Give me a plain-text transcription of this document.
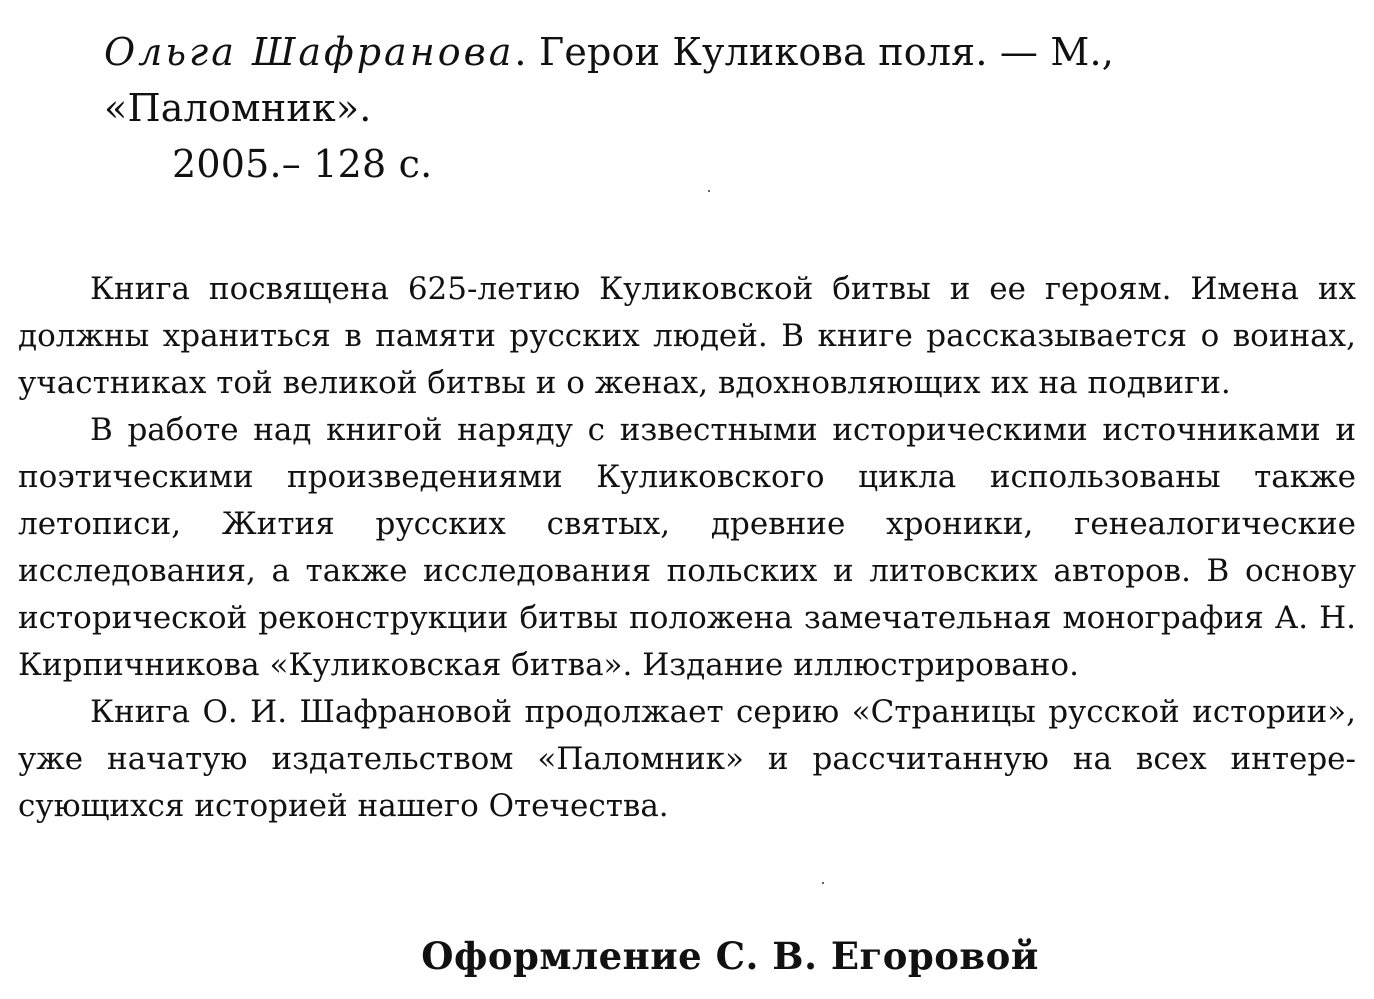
Ольга Шафранова. Герои Куликова поля. — М., «Паломник».
2005.– 128 с.

Книга посвящена 625-летию Куликовской битвы и ее героям. Имена их должны храниться в памяти русских людей. В книге рассказывается о воинах, участниках той великой битвы и о женах, вдохновляющих их на подвиги.

В работе над книгой наряду с известными историческими источниками и поэтическими произведениями Куликовского цикла использованы также летописи, Жития русских святых, древние хроники, генеалогические исследования, а также исследования польских и литовских авторов. В основу исторической реконструкции битвы положена замечательная монография А. Н. Кирпичникова «Куликовская битва». Издание иллюстрировано.

Книга О. И. Шафрановой продолжает серию «Страницы русской истории», уже начатую издательством «Паломник» и рассчитанную на всех интересующихся историей нашего Отечества.

Оформление С. В. Егоровой
